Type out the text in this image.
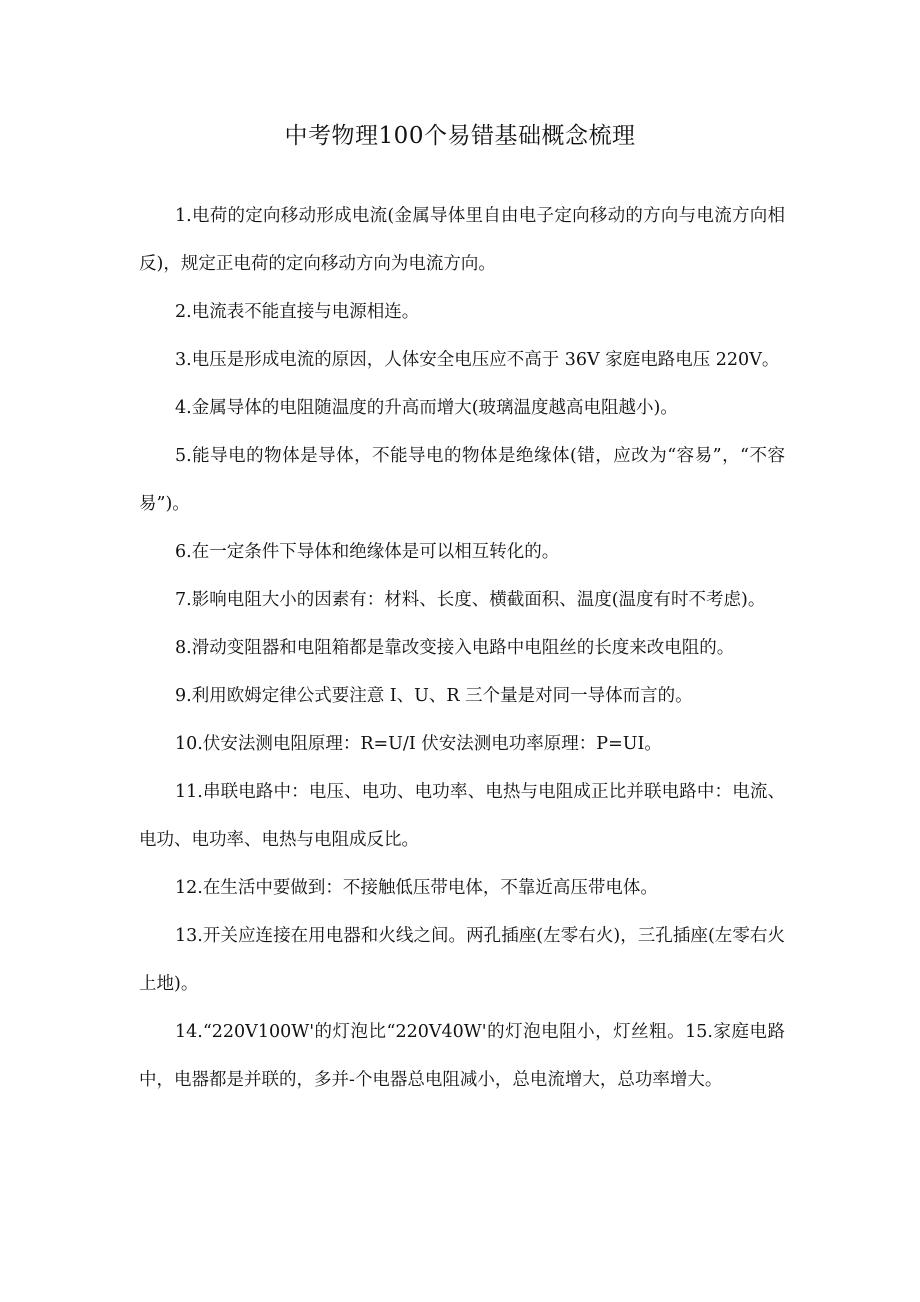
中考物理100个易错基础概念梳理

1.电荷的定向移动形成电流(金属导体里自由电子定向移动的方向与电流方向相反)，规定正电荷的定向移动方向为电流方向。

2.电流表不能直接与电源相连。

3.电压是形成电流的原因，人体安全电压应不高于 36V 家庭电路电压 220V。

4.金属导体的电阻随温度的升高而增大(玻璃温度越高电阻越小)。

5.能导电的物体是导体，不能导电的物体是绝缘体(错，应改为“容易”，“不容易”)。

6.在一定条件下导体和绝缘体是可以相互转化的。

7.影响电阻大小的因素有：材料、长度、横截面积、温度(温度有时不考虑)。

8.滑动变阻器和电阻箱都是靠改变接入电路中电阻丝的长度来改电阻的。

9.利用欧姆定律公式要注意 I、U、R 三个量是对同一导体而言的。

10.伏安法测电阻原理：R=U/I 伏安法测电功率原理：P=UI。

11.串联电路中：电压、电功、电功率、电热与电阻成正比并联电路中：电流、电功、电功率、电热与电阻成反比。

12.在生活中要做到：不接触低压带电体，不靠近高压带电体。

13.开关应连接在用电器和火线之间。两孔插座(左零右火)，三孔插座(左零右火上地)。

14.“220V100W'的灯泡比“220V40W'的灯泡电阻小，灯丝粗。15.家庭电路中，电器都是并联的，多并-个电器总电阻减小，总电流增大，总功率增大。
